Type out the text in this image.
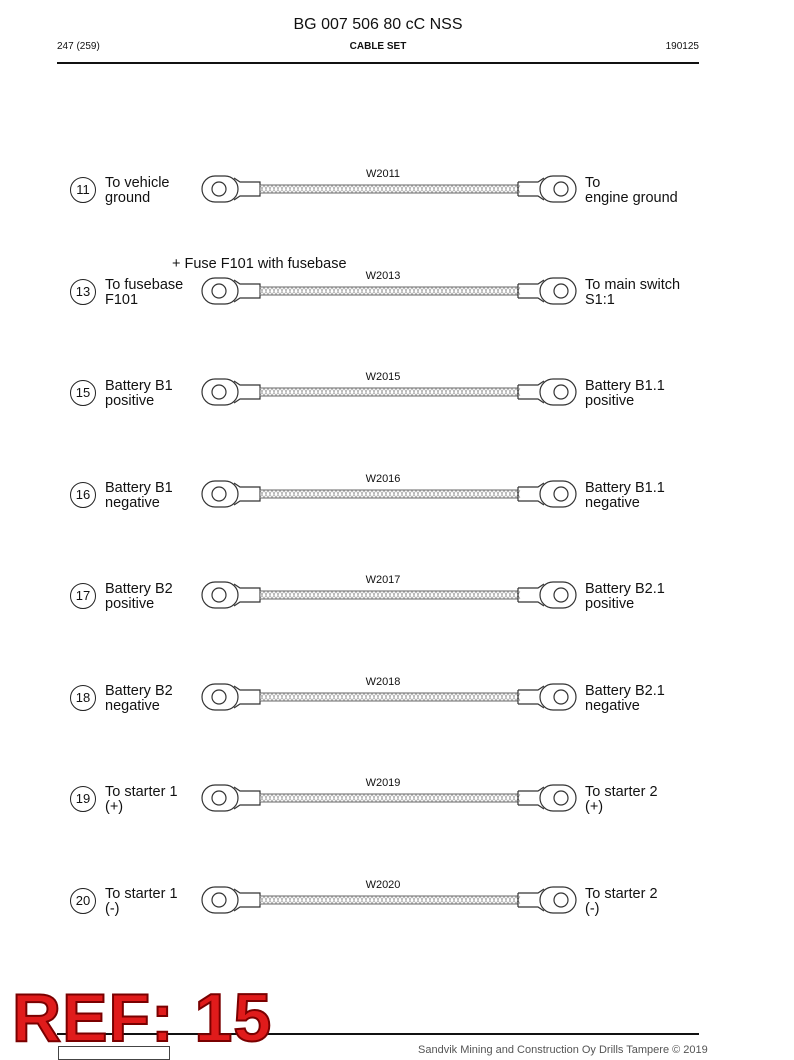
BG 007 506 80 cC NSS
247 (259)	CABLE SET	190125
11	To vehicle
ground
W2011
To
engine ground
13	To fusebase
F101
W2013
+ Fuse F101 with fusebase
To main switch
S1:1
15	Battery B1
positive
W2015
Battery B1.1
positive
16	Battery B1
negative
W2016
Battery B1.1
negative
17	Battery B2
positive
W2017
Battery B2.1
positive
18	Battery B2
negative
W2018
Battery B2.1
negative
19	To starter 1
(+)
W2019
To starter 2
(+)
20	To starter 1
(-)
W2020
To starter 2
(-)
Sandvik Mining and Construction Oy Drills Tampere © 2019
REF: 15
